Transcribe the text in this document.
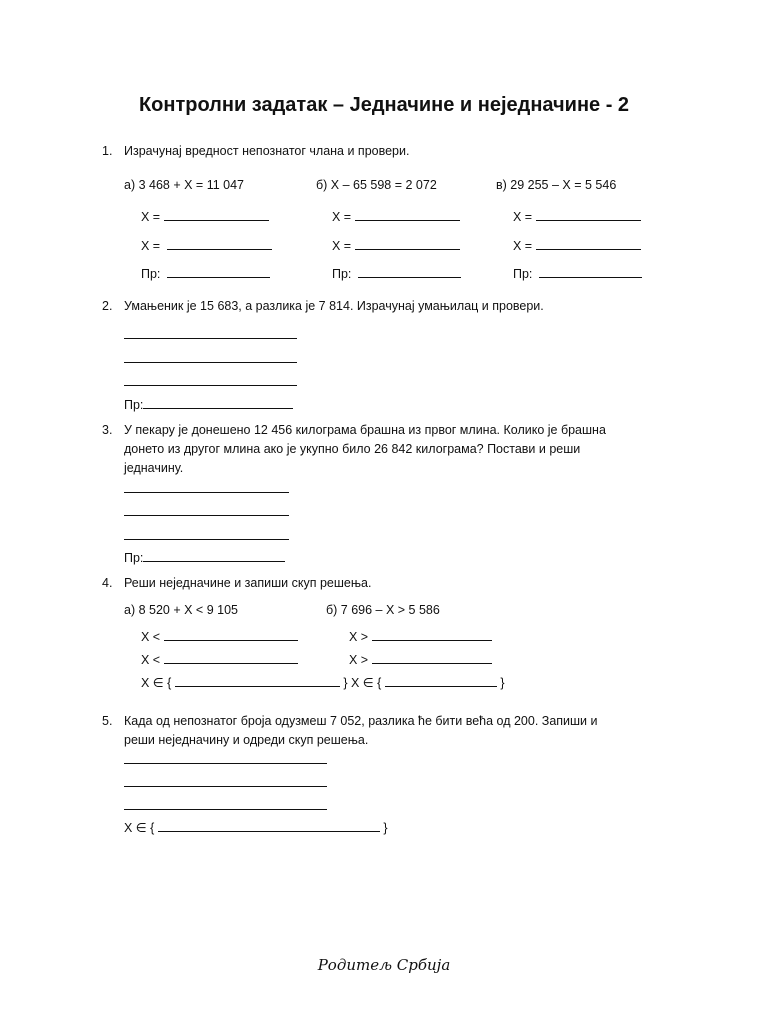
Контролни задатак – Једначине и неједначине - 2
1. Израчунај вредност непознатог члана и провери.
а) 3 468 + X = 11 047	б) X – 65 598 = 2 072	в) 29 255 – X = 5 546
X =	X =	X =
X =	X =	X =
Пр:	Пр:	Пр:
2. Умањеник је 15 683, а разлика је 7 814. Израчунај умањилац и провери.
Пр:
3. У пекару је донешено 12 456 килограма брашна из првог млина. Колико је брашна
донето из другог млина ако је укупно било 26 842 килограма? Постави и реши
једначину.
Пр:
4. Реши неједначине и запиши скуп решења.
а) 8 520 + X < 9 105	б) 7 696 – X > 5 586
X <	X >
X <	X >
X ∈ {	} X ∈ {	}
5. Када од непознатог броја одузмеш 7 052, разлика ће бити већа од 200. Запиши и
реши неједначину и одреди скуп решења.
X ∈ {	}
Родитељ Србија
